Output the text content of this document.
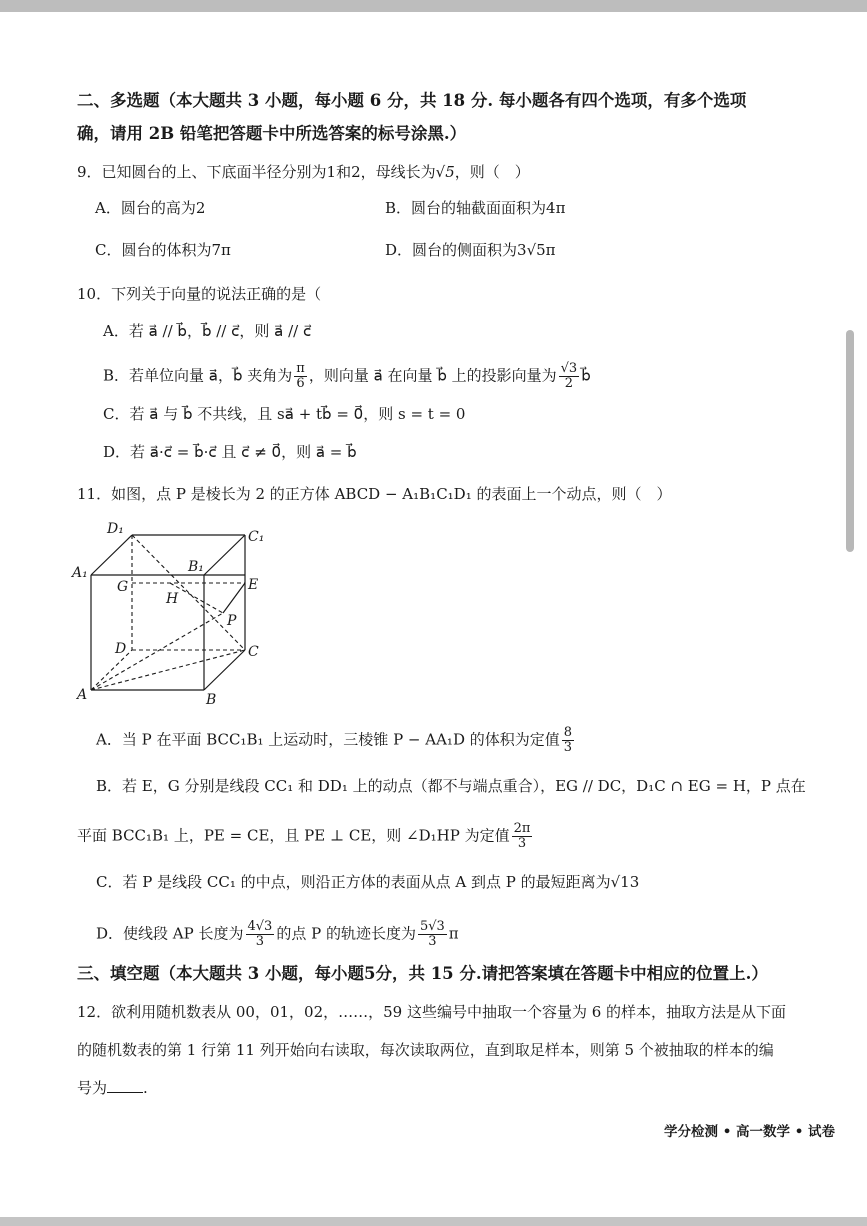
二、多选题（本大题共 3 小题，每小题 6 分，共 18 分. 每小题各有四个选项，有多个选项
确，请用 2B 铅笔把答题卡中所选答案的标号涂黑.）
9．已知圆台的上、下底面半径分别为1和2，母线长为√5，则（　）
A．圆台的高为2	B．圆台的轴截面面积为4π
C．圆台的体积为7π	D．圆台的侧面积为3√5π
10．下列关于向量的说法正确的是（
A．若 a⃗ // b⃗，b⃗ // c⃗，则 a⃗ // c⃗
B．若单位向量 a⃗，b⃗ 夹角为 $\frac{\pi}{6}$ ，则向量 a⃗ 在向量 b⃗ 上的投影向量为 $\frac{√3}{2}$ b⃗
C．若 a⃗ 与 b⃗ 不共线，且 sa⃗ + tb⃗ = 0⃗，则 s = t = 0
D．若 a⃗·c⃗ = b⃗·c⃗ 且 c⃗ ≠ 0⃗，则 a⃗ = b⃗
11．如图，点 P 是棱长为 2 的正方体 ABCD − A₁B₁C₁D₁ 的表面上一个动点，则（　）
D₁	C₁
A₁	B₁
G
H
E
P
D	C
A	B
A．当 P 在平面 BCC₁B₁ 上运动时，三棱锥 P − AA₁D 的体积为定值 $\frac{8}{3}$
B．若 E，G 分别是线段 CC₁ 和 DD₁ 上的动点（都不与端点重合），EG // DC，D₁C ∩ EG = H，P 点在
平面 BCC₁B₁ 上，PE = CE，且 PE ⊥ CE，则 ∠D₁HP 为定值 $\frac{2\pi}{3}$
C．若 P 是线段 CC₁ 的中点，则沿正方体的表面从点 A 到点 P 的最短距离为√13
D．使线段 AP 长度为 $\frac{4√3}{3}$ 的点 P 的轨迹长度为 $\frac{5√3}{3}$ π
三、填空题（本大题共 3 小题，每小题5分，共 15 分.请把答案填在答题卡中相应的位置上.）
12．欲利用随机数表从 00，01，02，……，59 这些编号中抽取一个容量为 6 的样本，抽取方法是从下面
的随机数表的第 1 行第 11 列开始向右读取，每次读取两位，直到取足样本，则第 5 个被抽取的样本的编
号为 .
学分检测 • 高一数学 • 试卷
